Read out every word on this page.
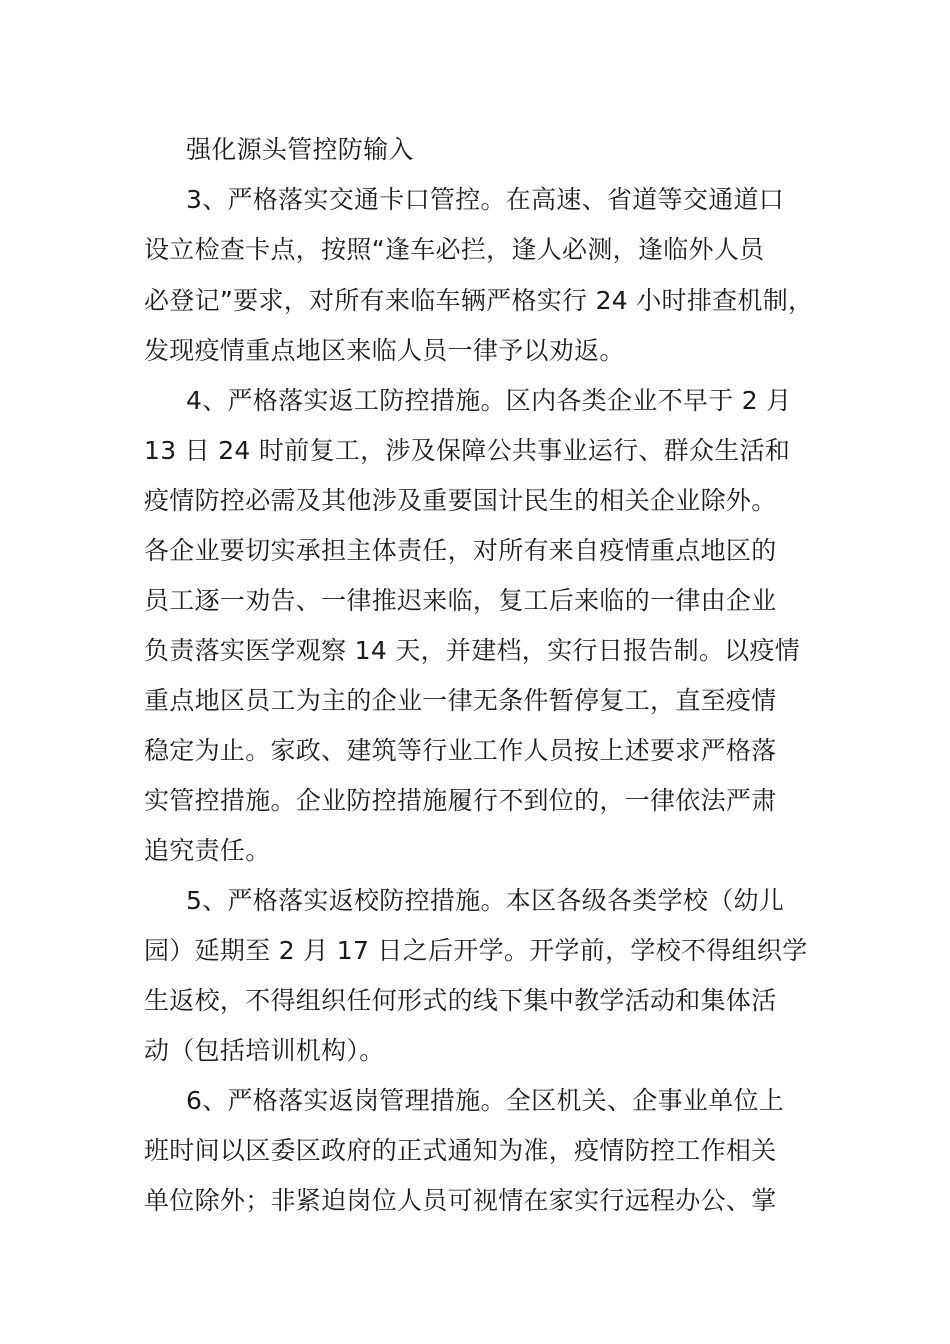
强化源头管控防输入
3、严格落实交通卡口管控。在高速、省道等交通道口
设立检查卡点，按照“逢车必拦，逢人必测，逢临外人员
必登记”要求，对所有来临车辆严格实行 24 小时排查机制，
发现疫情重点地区来临人员一律予以劝返。
4、严格落实返工防控措施。区内各类企业不早于 2 月
13 日 24 时前复工，涉及保障公共事业运行、群众生活和
疫情防控必需及其他涉及重要国计民生的相关企业除外。
各企业要切实承担主体责任，对所有来自疫情重点地区的
员工逐一劝告、一律推迟来临，复工后来临的一律由企业
负责落实医学观察 14 天，并建档，实行日报告制。以疫情
重点地区员工为主的企业一律无条件暂停复工，直至疫情
稳定为止。家政、建筑等行业工作人员按上述要求严格落
实管控措施。企业防控措施履行不到位的，一律依法严肃
追究责任。
5、严格落实返校防控措施。本区各级各类学校（幼儿
园）延期至 2 月 17 日之后开学。开学前，学校不得组织学
生返校，不得组织任何形式的线下集中教学活动和集体活
动（包括培训机构）。
6、严格落实返岗管理措施。全区机关、企事业单位上
班时间以区委区政府的正式通知为准，疫情防控工作相关
单位除外；非紧迫岗位人员可视情在家实行远程办公、掌
